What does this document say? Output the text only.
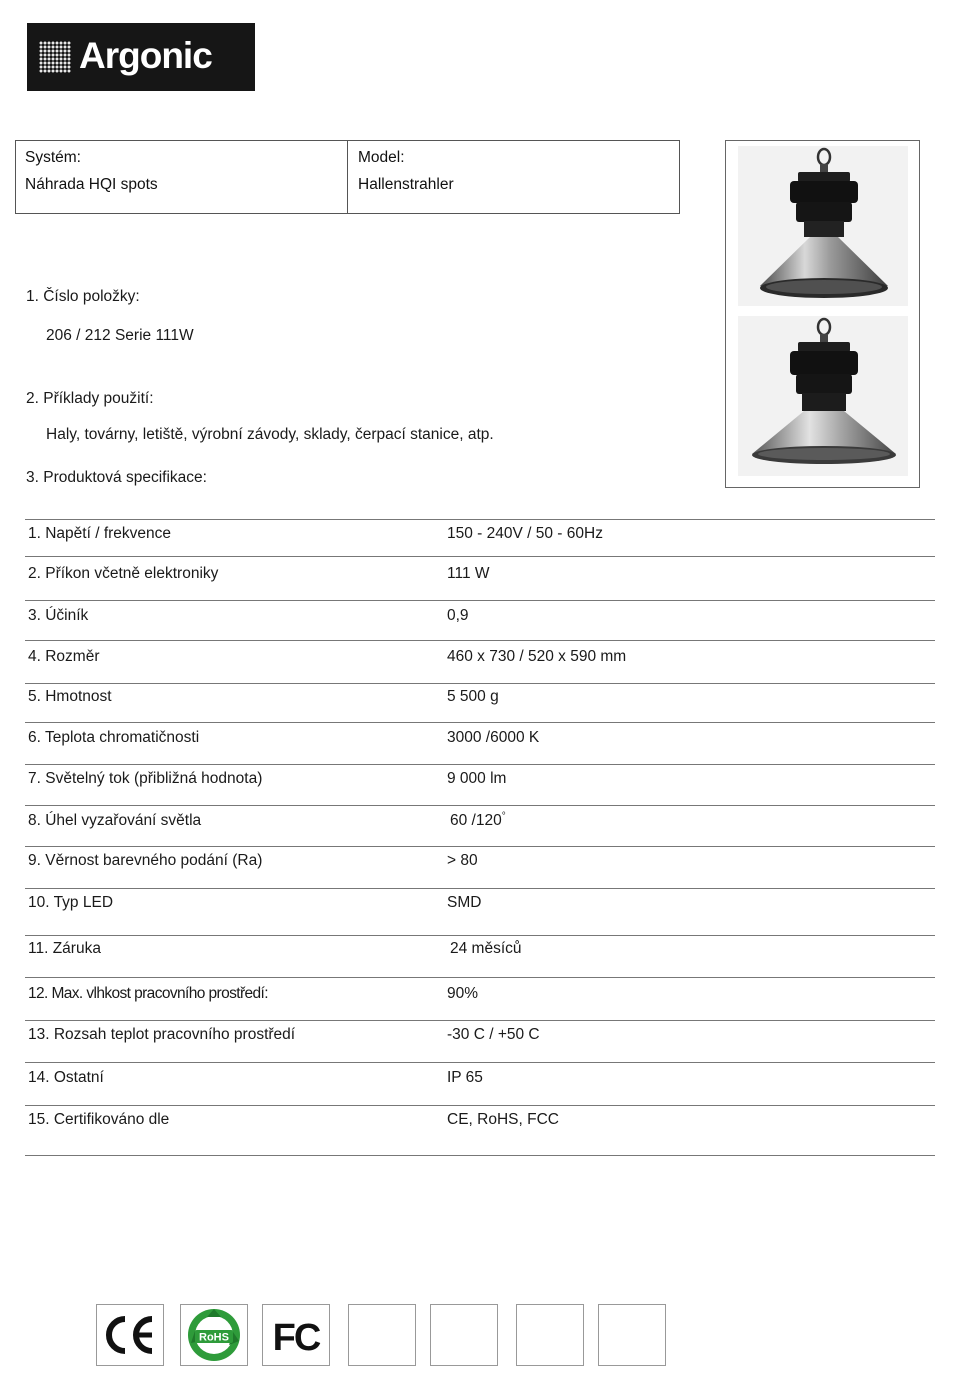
Argonic
Systém:
Náhrada HQI spots
Model:
Hallenstrahler
1. Číslo položky:
206 / 212 Serie 111W
2. Příklady použití:
Haly, továrny, letiště, výrobní závody, sklady, čerpací stanice, atp.
3. Produktová specifikace:
1. Napětí / frekvence	150 - 240V / 50 - 60Hz
2. Příkon včetně elektroniky	111 W
3. Účiník	0,9
4. Rozměr	460 x 730 / 520 x 590 mm
5. Hmotnost	5 500 g
6. Teplota chromatičnosti	3000 /6000 K
7. Světelný tok (přibližná hodnota)	9 000 lm
8. Úhel vyzařování světla	60 /120°
9. Věrnost barevného podání (Ra)	> 80
10. Typ LED	SMD
11. Záruka	24 měsíců
12. Max. vlhkost pracovního prostředí:	90%
13. Rozsah teplot pracovního prostředí	-30 C / +50 C
14. Ostatní	IP 65
15. Certifikováno dle	CE, RoHS, FCC
RoHS FC
